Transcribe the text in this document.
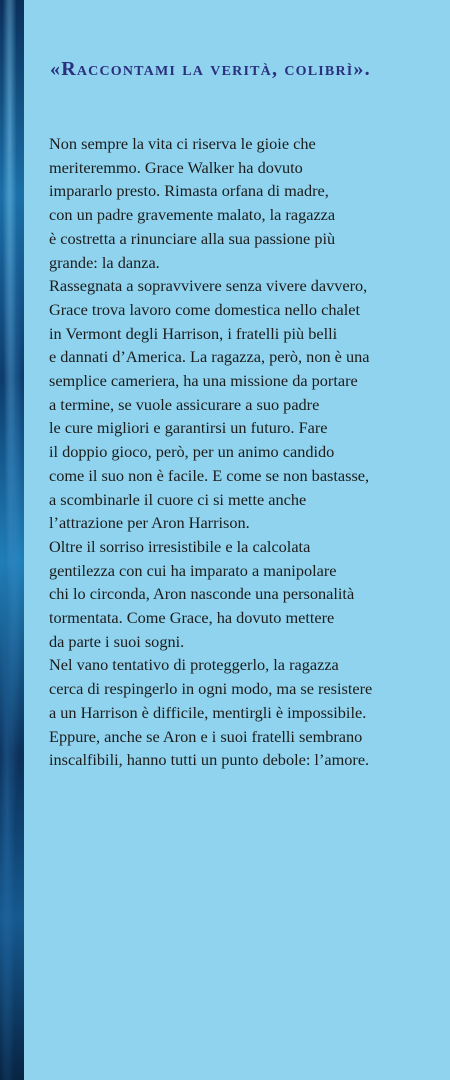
«Raccontami la verità, colibrì».
Non sempre la vita ci riserva le gioie che
meriteremmo. Grace Walker ha dovuto
impararlo presto. Rimasta orfana di madre,
con un padre gravemente malato, la ragazza
è costretta a rinunciare alla sua passione più
grande: la danza.
Rassegnata a sopravvivere senza vivere davvero,
Grace trova lavoro come domestica nello chalet
in Vermont degli Harrison, i fratelli più belli
e dannati d’America. La ragazza, però, non è una
semplice cameriera, ha una missione da portare
a termine, se vuole assicurare a suo padre
le cure migliori e garantirsi un futuro. Fare
il doppio gioco, però, per un animo candido
come il suo non è facile. E come se non bastasse,
a scombinarle il cuore ci si mette anche
l’attrazione per Aron Harrison.
Oltre il sorriso irresistibile e la calcolata
gentilezza con cui ha imparato a manipolare
chi lo circonda, Aron nasconde una personalità
tormentata. Come Grace, ha dovuto mettere
da parte i suoi sogni.
Nel vano tentativo di proteggerlo, la ragazza
cerca di respingerlo in ogni modo, ma se resistere
a un Harrison è difficile, mentirgli è impossibile.
Eppure, anche se Aron e i suoi fratelli sembrano
inscalfibili, hanno tutti un punto debole: l’amore.
